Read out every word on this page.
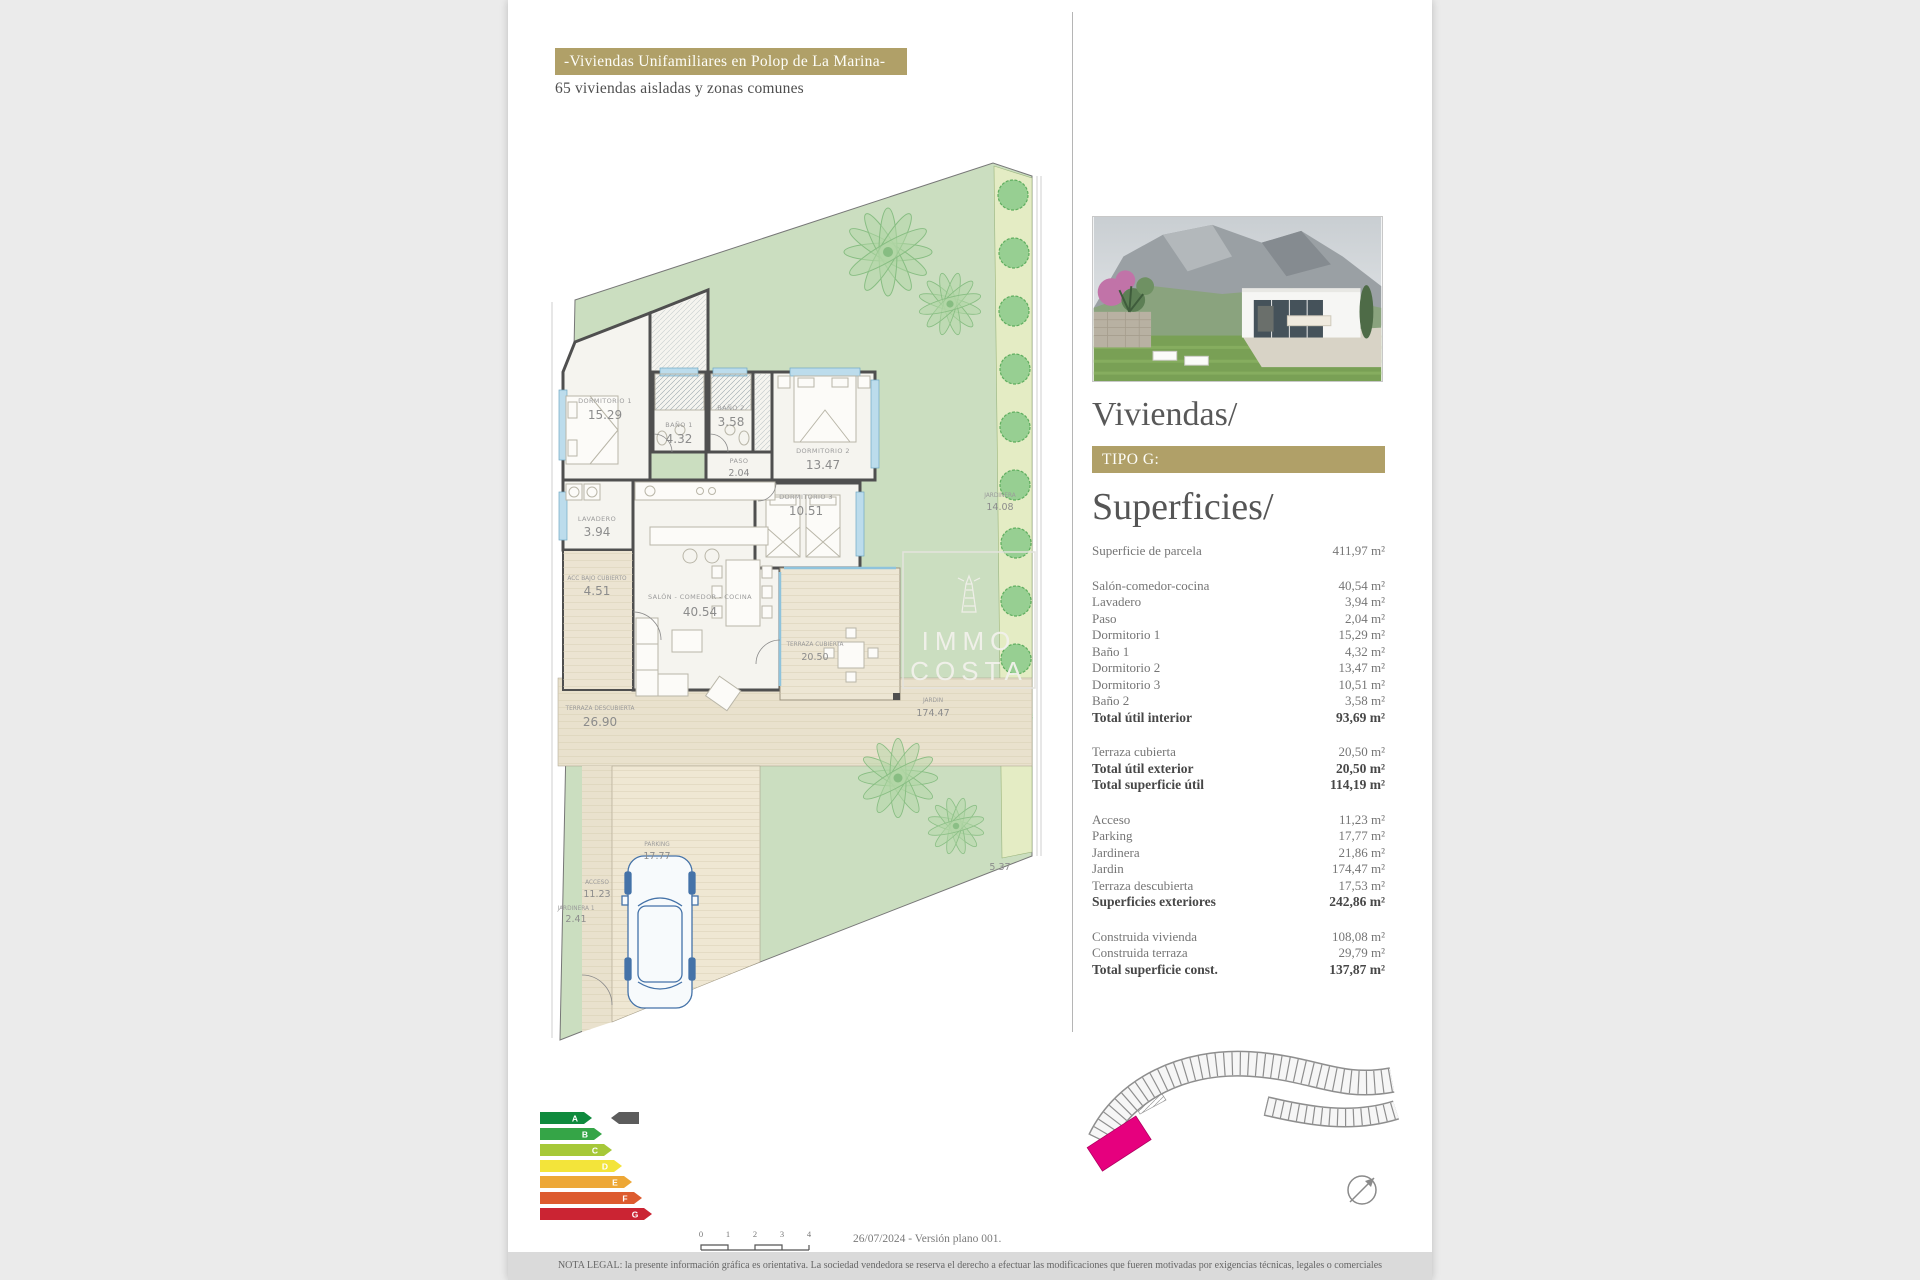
-Viviendas Unifamiliares en Polop de La Marina-
65 viviendas aisladas y zonas comunes
IMMO
COSTA
DORMITORIO 1
15.29
BAÑO 1
4.32
BAÑO 2
3.58
PASO
2.04
DORMITORIO 2
13.47
DORMITORIO 3
10.51
LAVADERO
3.94
ACC BAJO CUBIERTO
4.51	SALÓN - COMEDOR - COCINA
40.54
TERRAZA CUBIERTA
20.50
TERRAZA DESCUBIERTA
26.90
JARDIN
174.47
JARDINERA
14.08
PARKING
17.77
ACCESO
11.23
JARDINERA 1
2.41
5.37
Viviendas/
TIPO G:
Superficies/
Superficie de parcela	411,97 m²
Salón-comedor-cocina	40,54 m²
Lavadero	3,94 m²
Paso	2,04 m²
Dormitorio 1	15,29 m²
Baño 1	4,32 m²
Dormitorio 2	13,47 m²
Dormitorio 3	10,51 m²
Baño 2	3,58 m²
Total útil interior	93,69 m²
Terraza cubierta	20,50 m²
Total útil exterior	20,50 m²
Total superficie útil	114,19 m²
Acceso	11,23 m²
Parking	17,77 m²
Jardinera	21,86 m²
Jardin	174,47 m²
Terraza descubierta	17,53 m²
Superficies exteriores	242,86 m²
Construida vivienda	108,08 m²
Construida terraza	29,79 m²
Total superficie const.	137,87 m²
A
B
C
D
E
F
G
0	1	2	3	4	26/07/2024 - Versión plano 001.
NOTA LEGAL: la presente información gráfica es orientativa. La sociedad vendedora se reserva el derecho a efectuar las modificaciones que fueren motivadas por exigencias técnicas, legales o comerciales
